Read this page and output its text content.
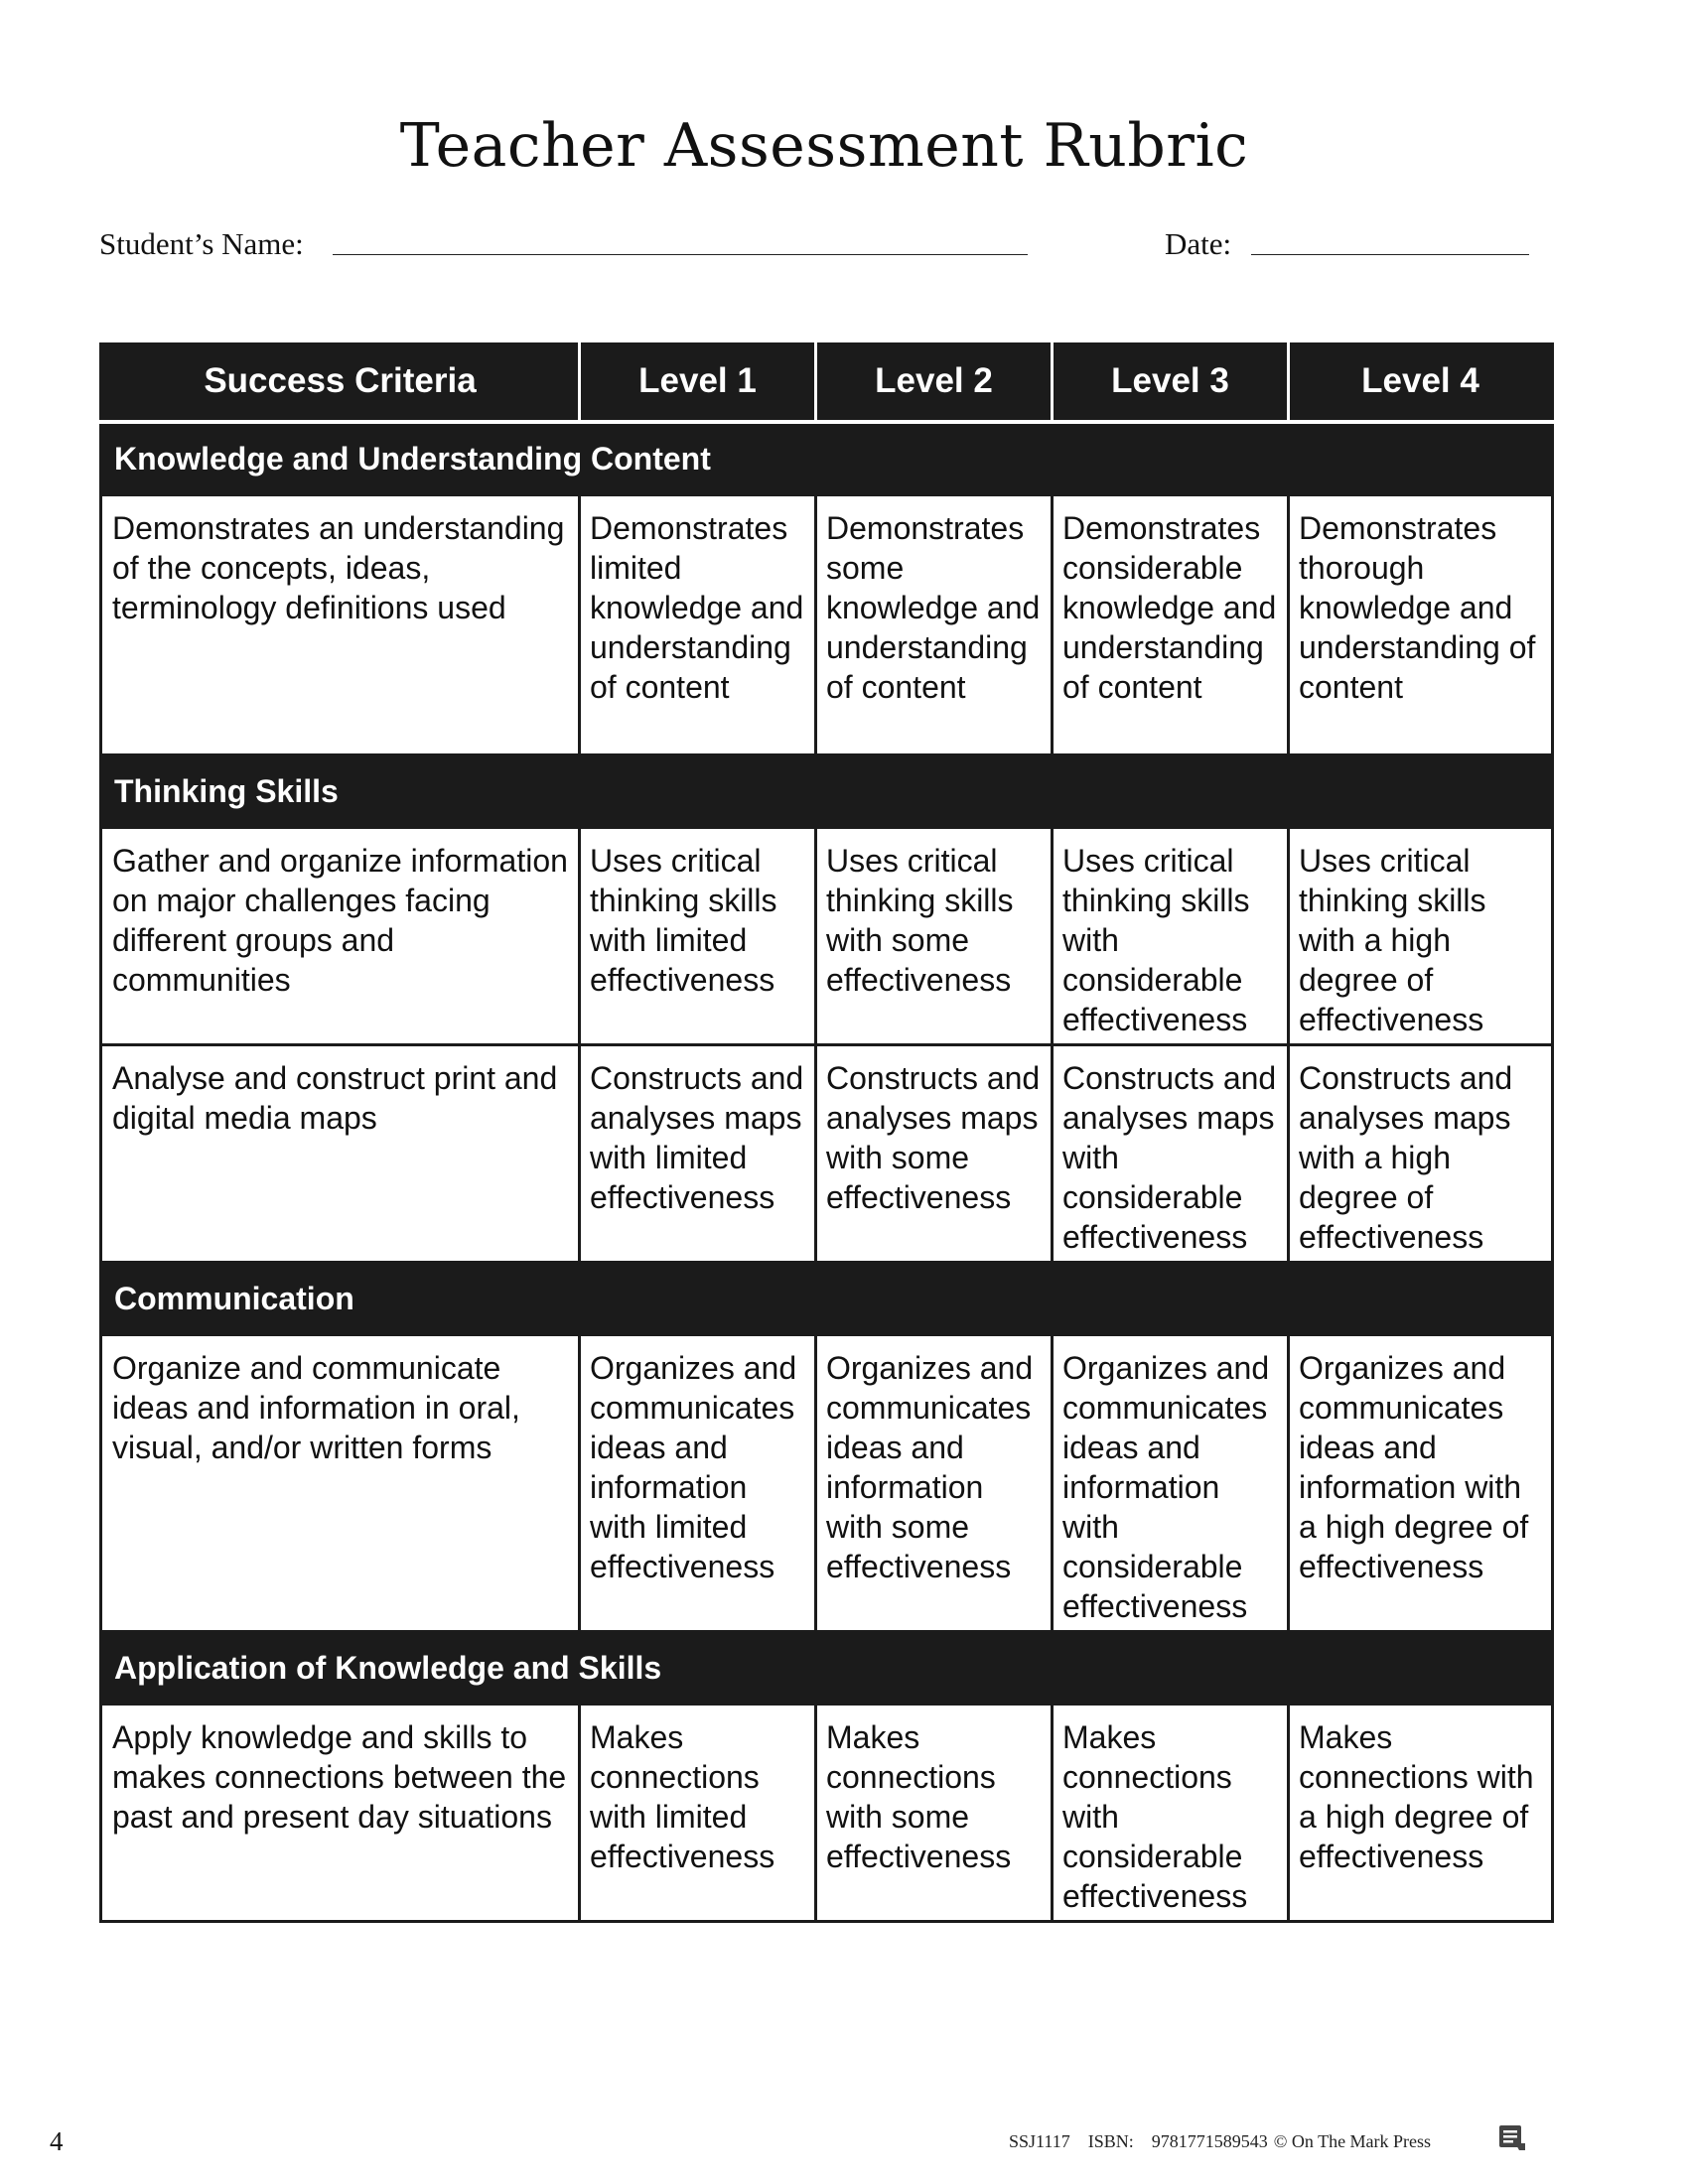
Teacher Assessment Rubric
Student’s Name:	Date:
Success Criteria	Level 1	Level 2	Level 3	Level 4
Knowledge and Understanding Content				
Demonstrates an understanding of the concepts, ideas, terminology definitions used	Demonstrates limited knowledge and understanding of content	Demonstrates some knowledge and understanding of content	Demonstrates considerable knowledge and understanding of content	Demonstrates thorough knowledge and understanding of content
Thinking Skills				
Gather and organize information on major challenges facing different groups and communities	Uses critical thinking skills with limited effectiveness	Uses critical thinking skills with some effectiveness	Uses critical thinking skills with considerable effectiveness	Uses critical thinking skills with a high degree of effectiveness
Analyse and construct print and digital media maps	Constructs and analyses maps with limited effectiveness	Constructs and analyses maps with some effectiveness	Constructs and analyses maps with considerable effectiveness	Constructs and analyses maps with a high degree of effectiveness
Communication				
Organize and communicate ideas and information in oral, visual, and/or written forms	Organizes and communicates ideas and information with limited effectiveness	Organizes and communicates ideas and information with some effectiveness	Organizes and communicates ideas and information with considerable effectiveness	Organizes and communicates ideas and information with a high degree of effectiveness
Application of Knowledge and Skills				
Apply knowledge and skills to makes connections between the past and present day situations	Makes connections with limited effectiveness	Makes connections with some effectiveness	Makes connections with considerable effectiveness	Makes connections with a high degree of effectiveness
4	SSJ1117 ISBN: 9781771589543 © On The Mark Press
